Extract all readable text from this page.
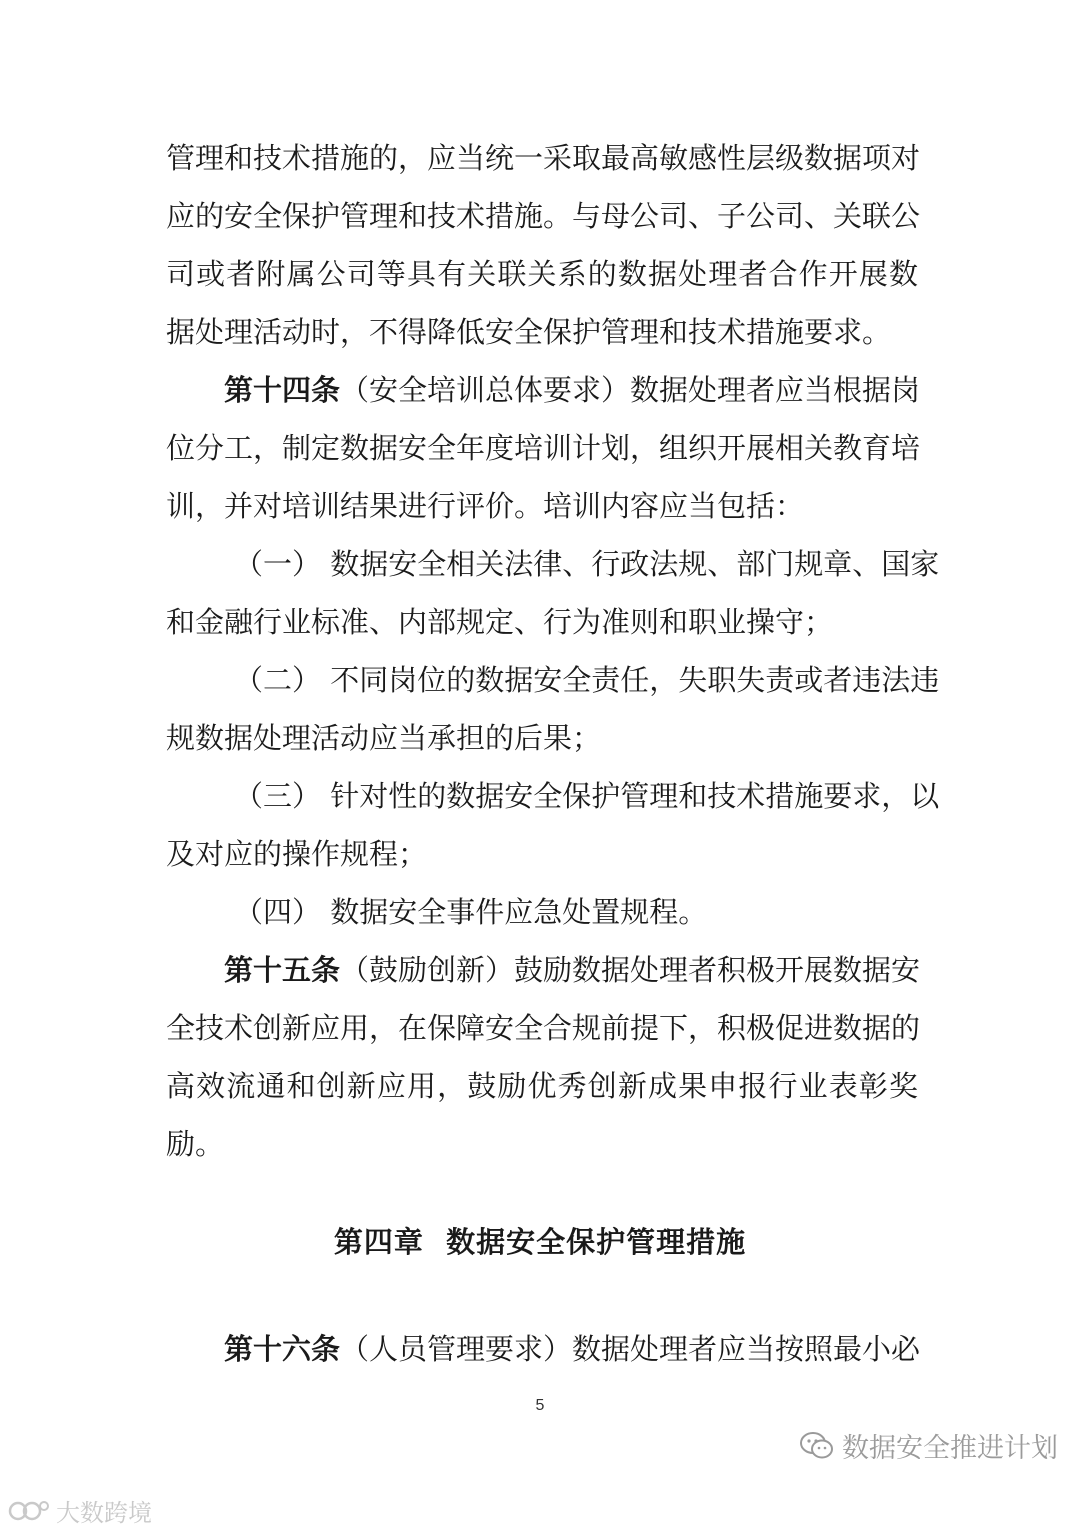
管理和技术措施的，应当统一采取最高敏感性层级数据项对
应的安全保护管理和技术措施。与母公司、子公司、关联公
司或者附属公司等具有关联关系的数据处理者合作开展数
据处理活动时，不得降低安全保护管理和技术措施要求。
第十四条（安全培训总体要求）数据处理者应当根据岗
位分工，制定数据安全年度培训计划，组织开展相关教育培
训，并对培训结果进行评价。培训内容应当包括：
（一） 数据安全相关法律、行政法规、部门规章、国家
和金融行业标准、内部规定、行为准则和职业操守；
（二） 不同岗位的数据安全责任，失职失责或者违法违
规数据处理活动应当承担的后果；
（三） 针对性的数据安全保护管理和技术措施要求，以
及对应的操作规程；
（四） 数据安全事件应急处置规程。
第十五条（鼓励创新）鼓励数据处理者积极开展数据安
全技术创新应用，在保障安全合规前提下，积极促进数据的
高效流通和创新应用，鼓励优秀创新成果申报行业表彰奖
励。
第四章  数据安全保护管理措施
第十六条（人员管理要求）数据处理者应当按照最小必
5
数据安全推进计划
大数跨境
